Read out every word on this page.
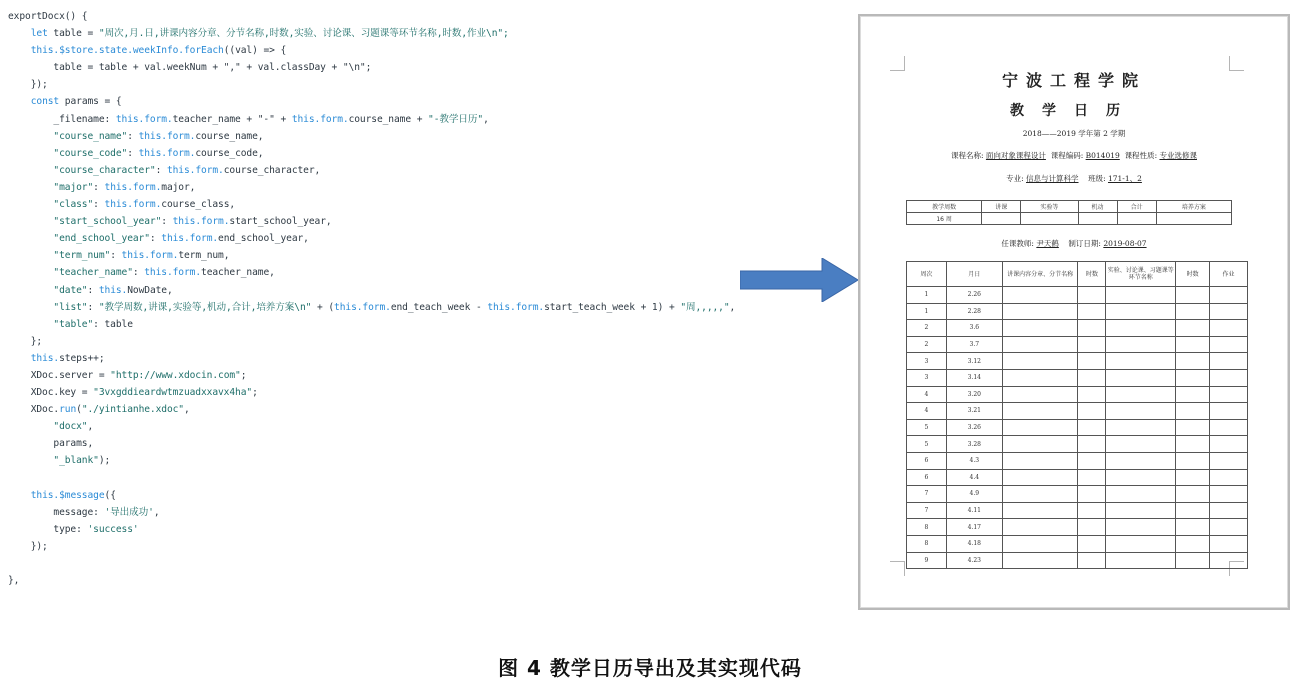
exportDocx() {
let table = "周次,月.日,讲课内容分章、分节名称,时数,实验、讨论课、习题课等环节名称,时数,作业\n";
this.$store.state.weekInfo.forEach((val) => {
table = table + val.weekNum + "," + val.classDay + "\n";
});
const params = {
_filename: this.form.teacher_name + "-" + this.form.course_name + "-教学日历",
"course_name": this.form.course_name,
"course_code": this.form.course_code,
"course_character": this.form.course_character,
"major": this.form.major,
"class": this.form.course_class,
"start_school_year": this.form.start_school_year,
"end_school_year": this.form.end_school_year,
"term_num": this.form.term_num,
"teacher_name": this.form.teacher_name,
"date": this.NowDate,
"list": "教学周数,讲课,实验等,机动,合计,培养方案\n" + (this.form.end_teach_week - this.form.start_teach_week + 1) + "周,,,,,",
"table": table
};
this.steps++;
XDoc.server = "http://www.xdocin.com";
XDoc.key = "3vxgddieardwtmzuadxxavx4ha";
XDoc.run("./yintianhe.xdoc",
"docx",
params,
"_blank");

this.$message({
message: '导出成功',
type: 'success'
});

},
宁波工程学院
教学日历
2018——2019 学年第 2 学期
课程名称: 面向对象课程设计 课程编码: B014019 课程性质: 专业选修课
专业: 信息与计算科学 班级: 171-1、2
教学周数	讲课	实验等	机动	合计	培养方案
16 周					
任课教师: 尹天鹤 制订日期: 2019-08-07
周次	月日	讲课内容分章、分节名称	时数	实验、讨论课、习题课等环节名称	时数	作业
1	2.26					
1	2.28					
2	3.6					
2	3.7					
3	3.12					
3	3.14					
4	3.20					
4	3.21					
5	3.26					
5	3.28					
6	4.3					
6	4.4					
7	4.9					
7	4.11					
8	4.17					
8	4.18					
9	4.23					
图 4 教学日历导出及其实现代码
